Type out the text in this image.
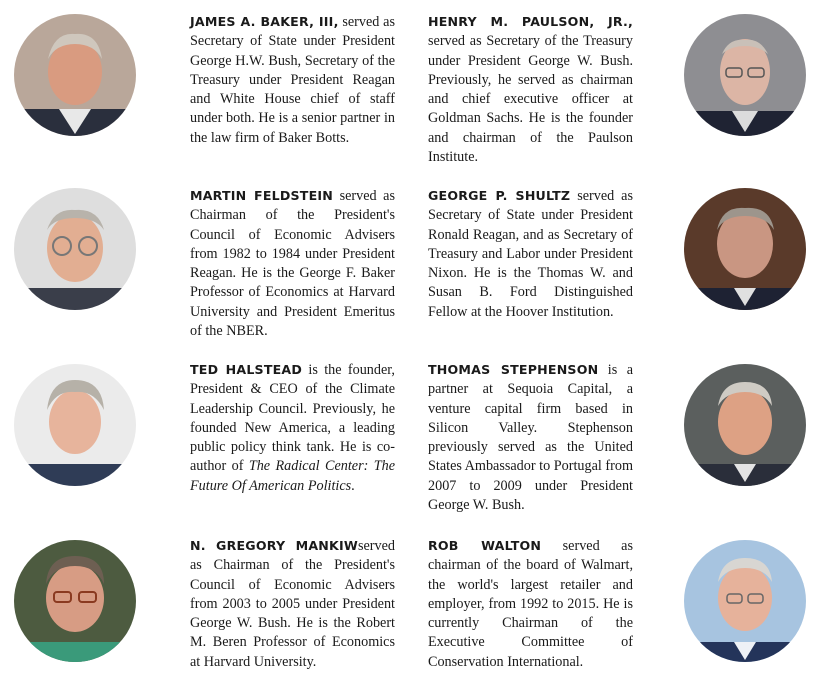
JAMES A. BAKER, III, served as Secretary of State under President George H.W. Bush, Secretary of the Treasury under President Reagan and White House chief of staff under both. He is a senior partner in the law firm of Baker Botts.
HENRY M. PAULSON, JR., served as Secretary of the Treasury under President George W. Bush. Previously, he served as chairman and chief executive officer at Goldman Sachs. He is the founder and chairman of the Paulson Institute.
MARTIN FELDSTEIN served as Chairman of the President's Council of Economic Advisers from 1982 to 1984 under President Reagan. He is the George F. Baker Professor of Economics at Harvard University and President Emeritus of the NBER.
GEORGE P. SHULTZ served as Secretary of State under President Ronald Reagan, and as Secretary of Treasury and Labor under President Nixon. He is the Thomas W. and Susan B. Ford Distinguished Fellow at the Hoover Institution.
TED HALSTEAD is the founder, President & CEO of the Climate Leadership Council. Previously, he founded New America, a leading public policy think tank. He is co-author of The Radical Center: The Future Of American Politics.
THOMAS STEPHENSON is a partner at Sequoia Capital, a venture capital firm based in Silicon Valley. Stephenson previously served as the United States Ambassador to Portugal from 2007 to 2009 under President George W. Bush.
N. GREGORY MANKIWserved as Chairman of the President's Council of Economic Advisers from 2003 to 2005 under President George W. Bush. He is the Robert M. Beren Professor of Economics at Harvard University.
ROB WALTON served as chairman of the board of Walmart, the world's largest retailer and employer, from 1992 to 2015. He is currently Chairman of the Executive Committee of Conservation International.
